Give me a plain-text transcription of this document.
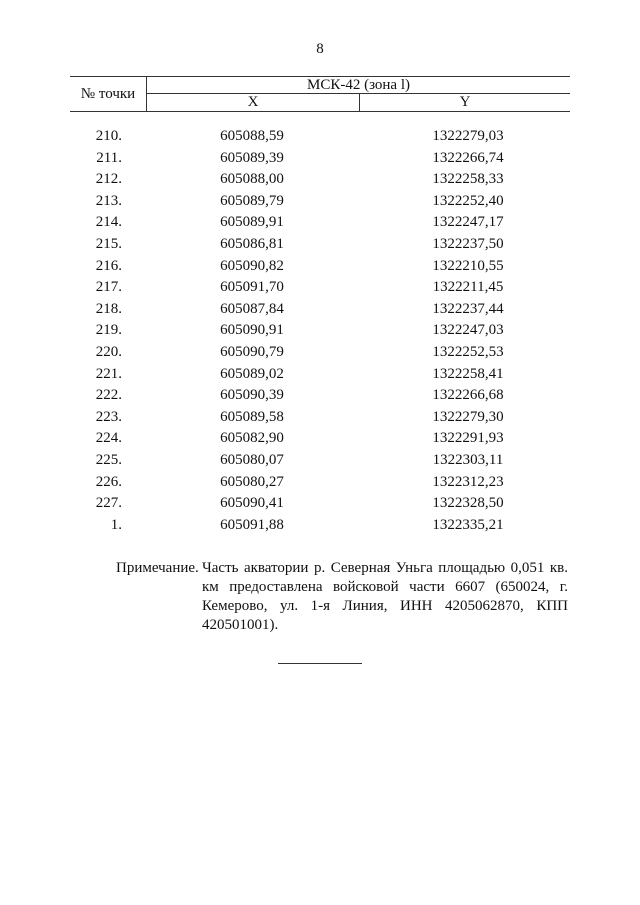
8
№ точки	МСК-42 (зона l)	
	X	Y
210.	605088,59	1322279,03
211.	605089,39	1322266,74
212.	605088,00	1322258,33
213.	605089,79	1322252,40
214.	605089,91	1322247,17
215.	605086,81	1322237,50
216.	605090,82	1322210,55
217.	605091,70	1322211,45
218.	605087,84	1322237,44
219.	605090,91	1322247,03
220.	605090,79	1322252,53
221.	605089,02	1322258,41
222.	605090,39	1322266,68
223.	605089,58	1322279,30
224.	605082,90	1322291,93
225.	605080,07	1322303,11
226.	605080,27	1322312,23
227.	605090,41	1322328,50
1.	605091,88	1322335,21
Примечание. Часть акватории р. Северная Уньга площадью 0,051 кв. км предоставлена войсковой части 6607 (650024, г. Кемерово, ул. 1-я Линия, ИНН 4205062870, КПП 420501001).
